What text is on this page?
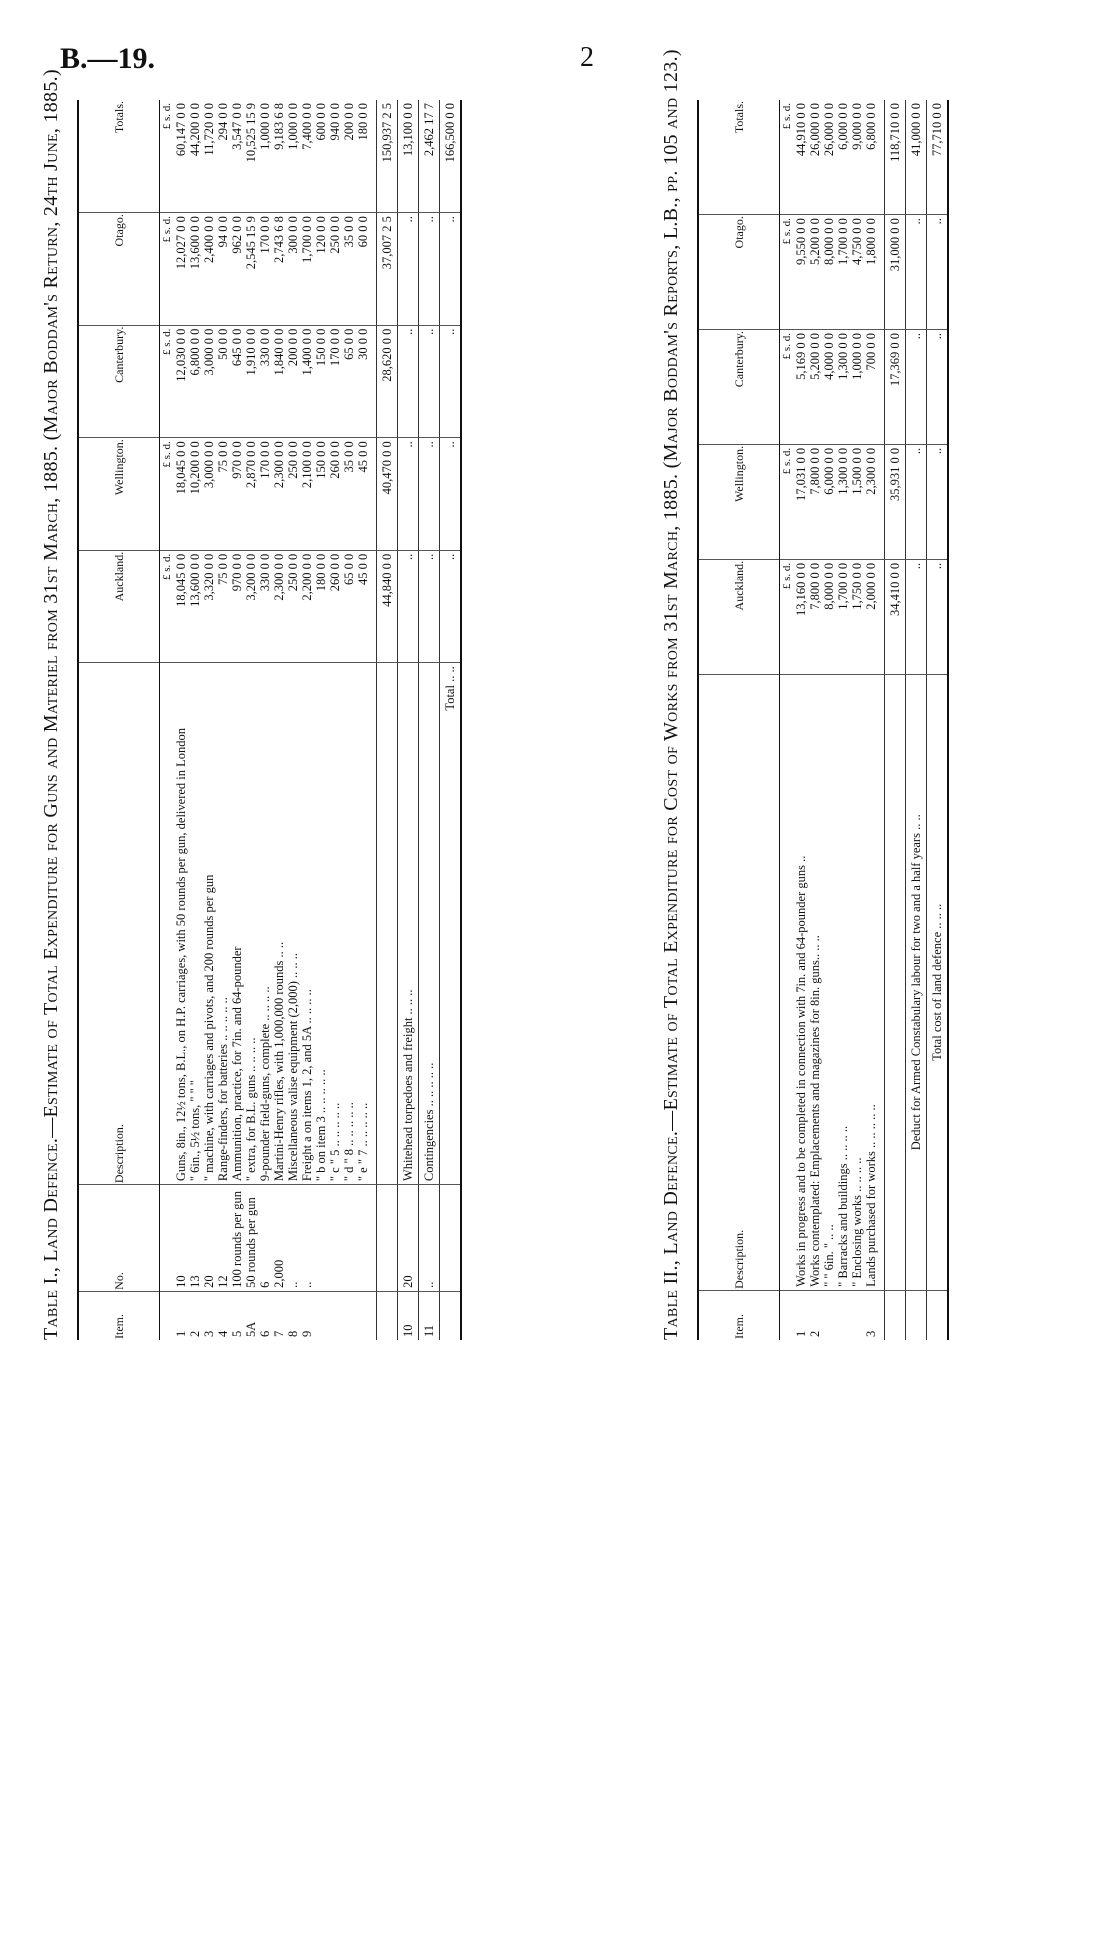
B.—19.	2
Table I., Land Defence.—Estimate of Total Expenditure for Guns and Materiel from 31st March, 1885. (Major Boddam's Return, 24th June, 1885.)	Item.	No.	Description.	Auckland.	Wellington.	Canterbury.	Otago.	Totals.
			£ s. d.	£ s. d.	£ s. d.	£ s. d.	£ s. d.
1	10	Guns, 8in., 12½ tons, B.L., on H.P. carriages, with 50 rounds per gun, delivered in London	18,045 0 0	18,045 0 0	12,030 0 0	12,027 0 0	60,147 0 0
2	13	" 6in., 5½ tons, " " "	13,600 0 0	10,200 0 0	6,800 0 0	13,600 0 0	44,200 0 0
3	20	" machine, with carriages and pivots, and 200 rounds per gun	3,320 0 0	3,000 0 0	3,000 0 0	2,400 0 0	11,720 0 0
4	12	Range-finders, for batteries .. .. .. .. ..	75 0 0	75 0 0	50 0 0	94 0 0	294 0 0
5	100 rounds per gun	Ammunition, practice, for 7in. and 64-pounder	970 0 0	970 0 0	645 0 0	962 0 0	3,547 0 0
5A	50 rounds per gun	" extra, for B.L. guns .. .. .. ..	3,200 0 0	2,870 0 0	1,910 0 0	2,545 15 9	10,525 15 9
6	6	9-pounder field-guns, complete .. .. .. ..	330 0 0	170 0 0	330 0 0	170 0 0	1,000 0 0
7	2,000	Martini-Henry rifles, with 1,000,000 rounds .. ..	2,300 0 0	2,300 0 0	1,840 0 0	2,743 6 8	9,183 6 8
8	..	Miscellaneous valise equipment (2,000) .. .. ..	250 0 0	250 0 0	200 0 0	300 0 0	1,000 0 0
9	..	Freight a on items 1, 2, and 5A .. .. .. ..	2,200 0 0	2,100 0 0	1,400 0 0	1,700 0 0	7,400 0 0
		" b on item 3 .. .. .. .. ..	180 0 0	150 0 0	150 0 0	120 0 0	600 0 0
		" c " 5 .. .. .. .. ..	260 0 0	260 0 0	170 0 0	250 0 0	940 0 0
		" d " 8 .. .. .. .. ..	65 0 0	35 0 0	65 0 0	35 0 0	200 0 0
		" e " 7 .. .. .. .. ..	45 0 0	45 0 0	30 0 0	60 0 0	180 0 0
			44,840 0 0	40,470 0 0	28,620 0 0	37,007 2 5	150,937 2 5
10	20	Whitehead torpedoes and freight .. .. ..	..	..	..	..	13,100 0 0
11	..	Contingencies .. .. .. .. ..	..	..	..	..	2,462 17 7
		Total .. ..	..	..	..	..	166,500 0 0	Table II., Land Defence.—Estimate of Total Expenditure for Cost of Works from 31st March, 1885. (Major Boddam's Reports, L.B., pp. 105 and 123.)	Item.	Description.	Auckland.	Wellington.	Canterbury.	Otago.	Totals.
		£ s. d.	£ s. d.	£ s. d.	£ s. d.	£ s. d.
1	Works in progress and to be completed in connection with 7in. and 64-pounder guns ..	13,160 0 0	17,031 0 0	5,169 0 0	9,550 0 0	44,910 0 0
2	Works contemplated: Emplacements and magazines for 8in. guns.. .. ..	7,800 0 0	7,800 0 0	5,200 0 0	5,200 0 0	26,000 0 0
	" " 6in. " .. ..	8,000 0 0	6,000 0 0	4,000 0 0	8,000 0 0	26,000 0 0
	" Barracks and buildings .. .. .. ..	1,700 0 0	1,300 0 0	1,300 0 0	1,700 0 0	6,000 0 0
	" Enclosing works .. .. .. ..	1,750 0 0	1,500 0 0	1,000 0 0	4,750 0 0	9,000 0 0
3	Lands purchased for works .. .. .. .. ..	2,000 0 0	2,300 0 0	700 0 0	1,800 0 0	6,800 0 0
		34,410 0 0	35,931 0 0	17,369 0 0	31,000 0 0	118,710 0 0
	Deduct for Armed Constabulary labour for two and a half years .. ..	..	..	..	..	41,000 0 0
	Total cost of land defence .. .. ..	..	..	..	..	77,710 0 0
